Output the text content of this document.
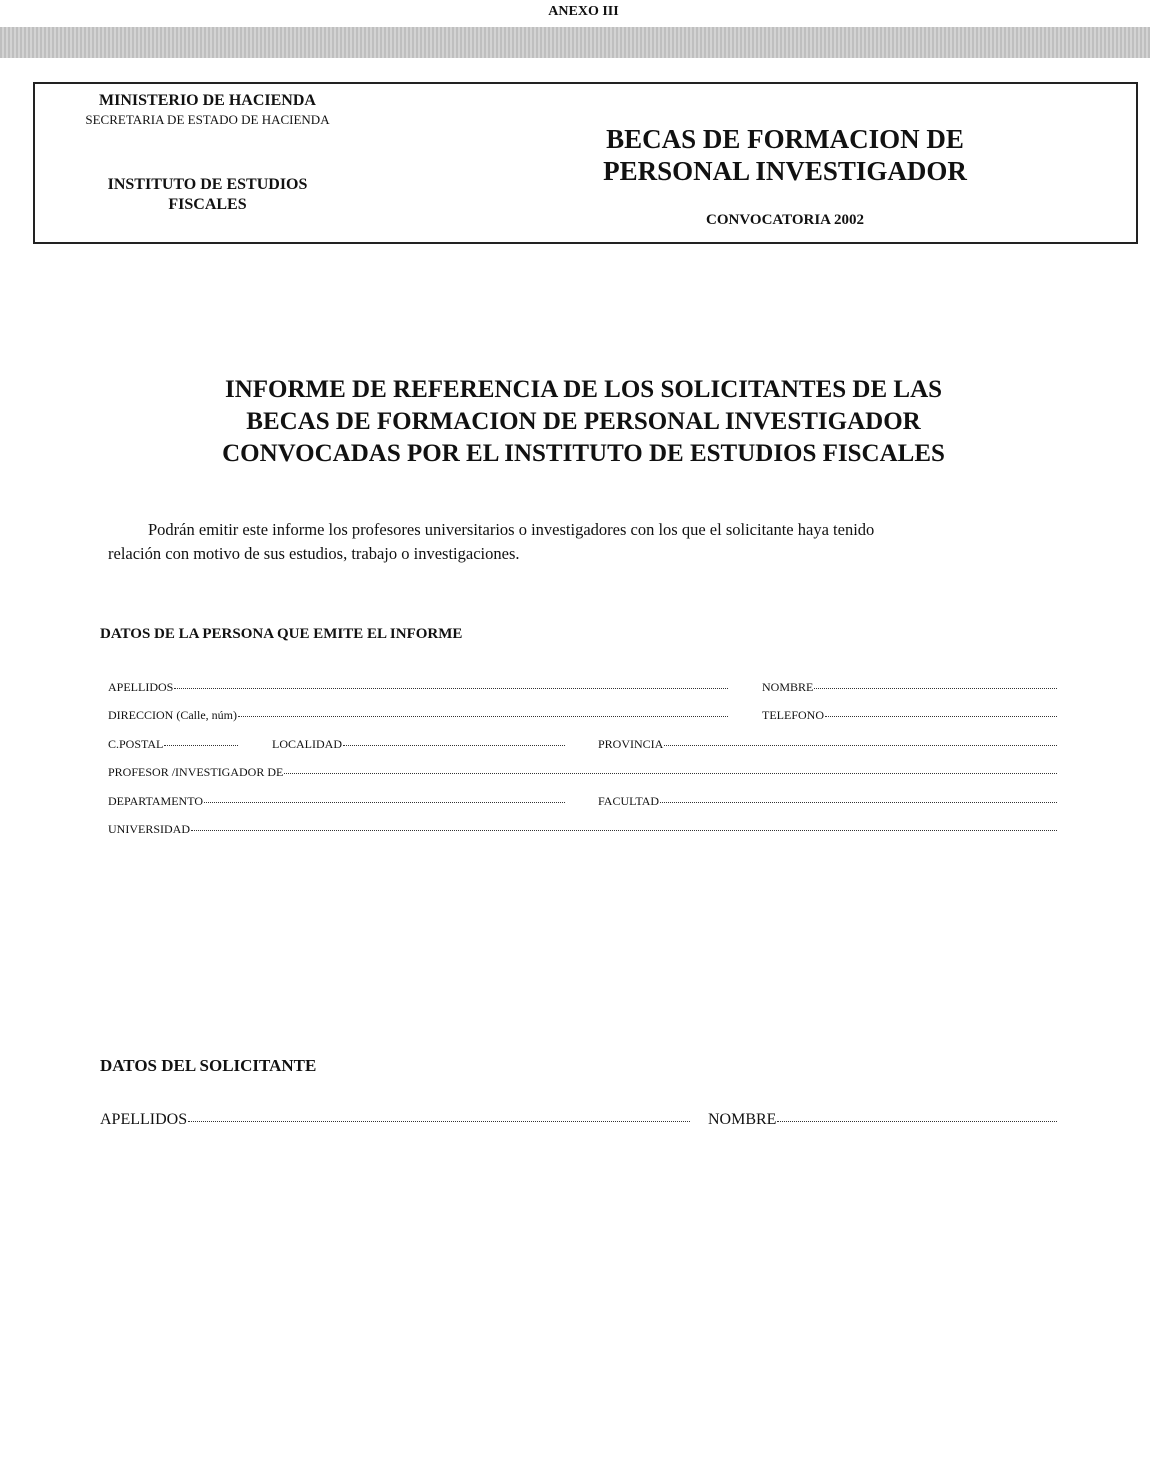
ANEXO III
MINISTERIO DE HACIENDA
SECRETARIA DE ESTADO DE HACIENDA
INSTITUTO DE ESTUDIOS
FISCALES
BECAS DE FORMACION DE
PERSONAL INVESTIGADOR
CONVOCATORIA 2002
INFORME DE REFERENCIA DE LOS SOLICITANTES DE LAS
BECAS DE FORMACION DE PERSONAL INVESTIGADOR
CONVOCADAS POR EL INSTITUTO DE ESTUDIOS FISCALES
Podrán emitir este informe los profesores universitarios o investigadores con los que el solicitante haya tenido
relación con motivo de sus estudios, trabajo o investigaciones.
DATOS DE LA PERSONA QUE EMITE EL INFORME
APELLIDOS	NOMBRE
DIRECCION (Calle, núm)	TELEFONO
C.POSTAL	LOCALIDAD	PROVINCIA
PROFESOR /INVESTIGADOR DE
DEPARTAMENTO	FACULTAD
UNIVERSIDAD
DATOS DEL SOLICITANTE
APELLIDOS	NOMBRE
